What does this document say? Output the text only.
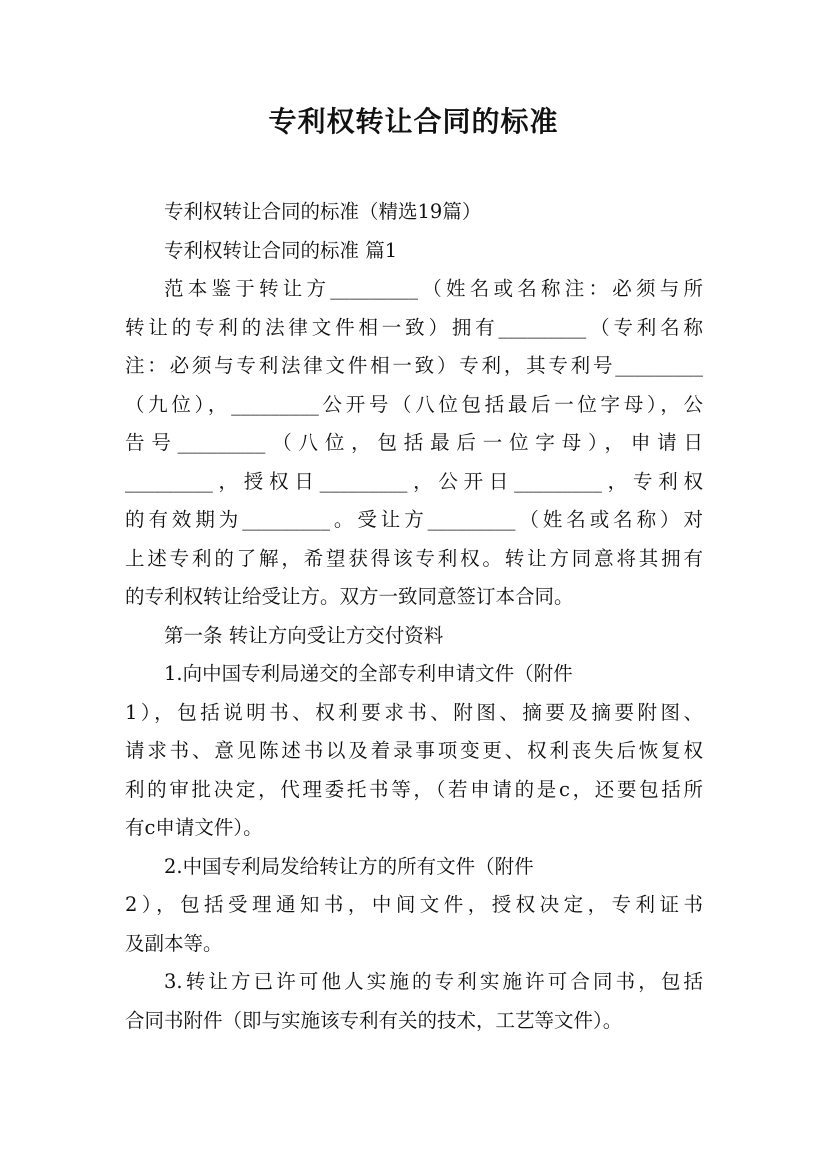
专利权转让合同的标准
专利权转让合同的标准（精选19篇）
专利权转让合同的标准 篇1
范本鉴于转让方_________（姓名或名称注：必须与所
转让的专利的法律文件相一致）拥有_________（专利名称
注：必须与专利法律文件相一致）专利，其专利号_________
（九位），_________公开号（八位包括最后一位字母），公
告号_________（八位，包括最后一位字母），申请日
_________，授权日_________，公开日_________，专利权
的有效期为_________。受让方_________（姓名或名称）对
上述专利的了解，希望获得该专利权。转让方同意将其拥有
的专利权转让给受让方。双方一致同意签订本合同。
第一条 转让方向受让方交付资料
1.向中国专利局递交的全部专利申请文件（附件
1），包括说明书、权利要求书、附图、摘要及摘要附图、
请求书、意见陈述书以及着录事项变更、权利丧失后恢复权
利的审批决定，代理委托书等，（若申请的是c，还要包括所
有c申请文件）。
2.中国专利局发给转让方的所有文件（附件
2），包括受理通知书，中间文件，授权决定，专利证书
及副本等。
3.转让方已许可他人实施的专利实施许可合同书，包括
合同书附件（即与实施该专利有关的技术，工艺等文件）。
